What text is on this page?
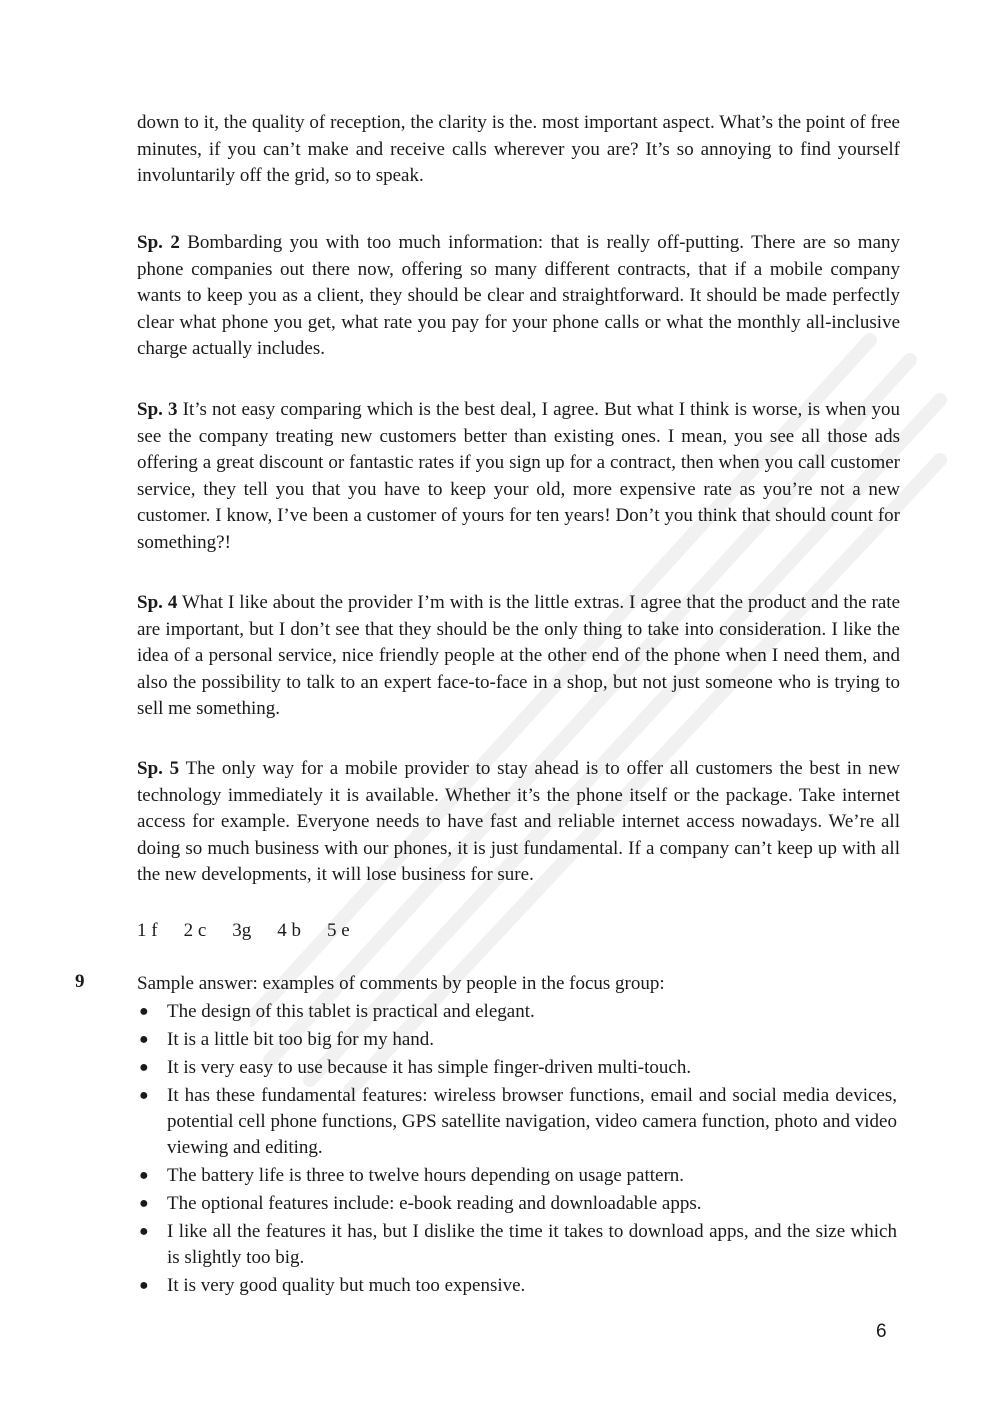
down to it, the quality of reception, the clarity is the. most important aspect. What’s the point of free minutes, if you can’t make and receive calls wherever you are? It’s so annoying to find yourself involuntarily off the grid, so to speak.

Sp. 2 Bombarding you with too much information: that is really off-putting. There are so many phone companies out there now, offering so many different contracts, that if a mobile company wants to keep you as a client, they should be clear and straightforward. It should be made perfectly clear what phone you get, what rate you pay for your phone calls or what the monthly all-inclusive charge actually includes.

Sp. 3 It’s not easy comparing which is the best deal, I agree. But what I think is worse, is when you see the company treating new customers better than existing ones. I mean, you see all those ads offering a great discount or fantastic rates if you sign up for a contract, then when you call customer service, they tell you that you have to keep your old, more expensive rate as you’re not a new customer. I know, I’ve been a customer of yours for ten years! Don’t you think that should count for something?!

Sp. 4 What I like about the provider I’m with is the little extras. I agree that the product and the rate are important, but I don’t see that they should be the only thing to take into consideration. I like the idea of a personal service, nice friendly people at the other end of the phone when I need them, and also the possibility to talk to an expert face-to-face in a shop, but not just someone who is trying to sell me something.

Sp. 5 The only way for a mobile provider to stay ahead is to offer all customers the best in new technology immediately it is available. Whether it’s the phone itself or the package. Take internet access for example. Everyone needs to have fast and reliable internet access nowadays. We’re all doing so much business with our phones, it is just fundamental. If a company can’t keep up with all the new developments, it will lose business for sure.

1 f 2 c 3g 4 b 5 e
9	Sample answer: examples of comments by people in the focus group:
● The design of this tablet is practical and elegant.
● It is a little bit too big for my hand.
● It is very easy to use because it has simple finger-driven multi-touch.
● It has these fundamental features: wireless browser functions, email and social media devices, potential cell phone functions, GPS satellite navigation, video camera function, photo and video viewing and editing.
● The battery life is three to twelve hours depending on usage pattern.
● The optional features include: e-book reading and downloadable apps.
● I like all the features it has, but I dislike the time it takes to download apps, and the size which is slightly too big.
● It is very good quality but much too expensive.
6
